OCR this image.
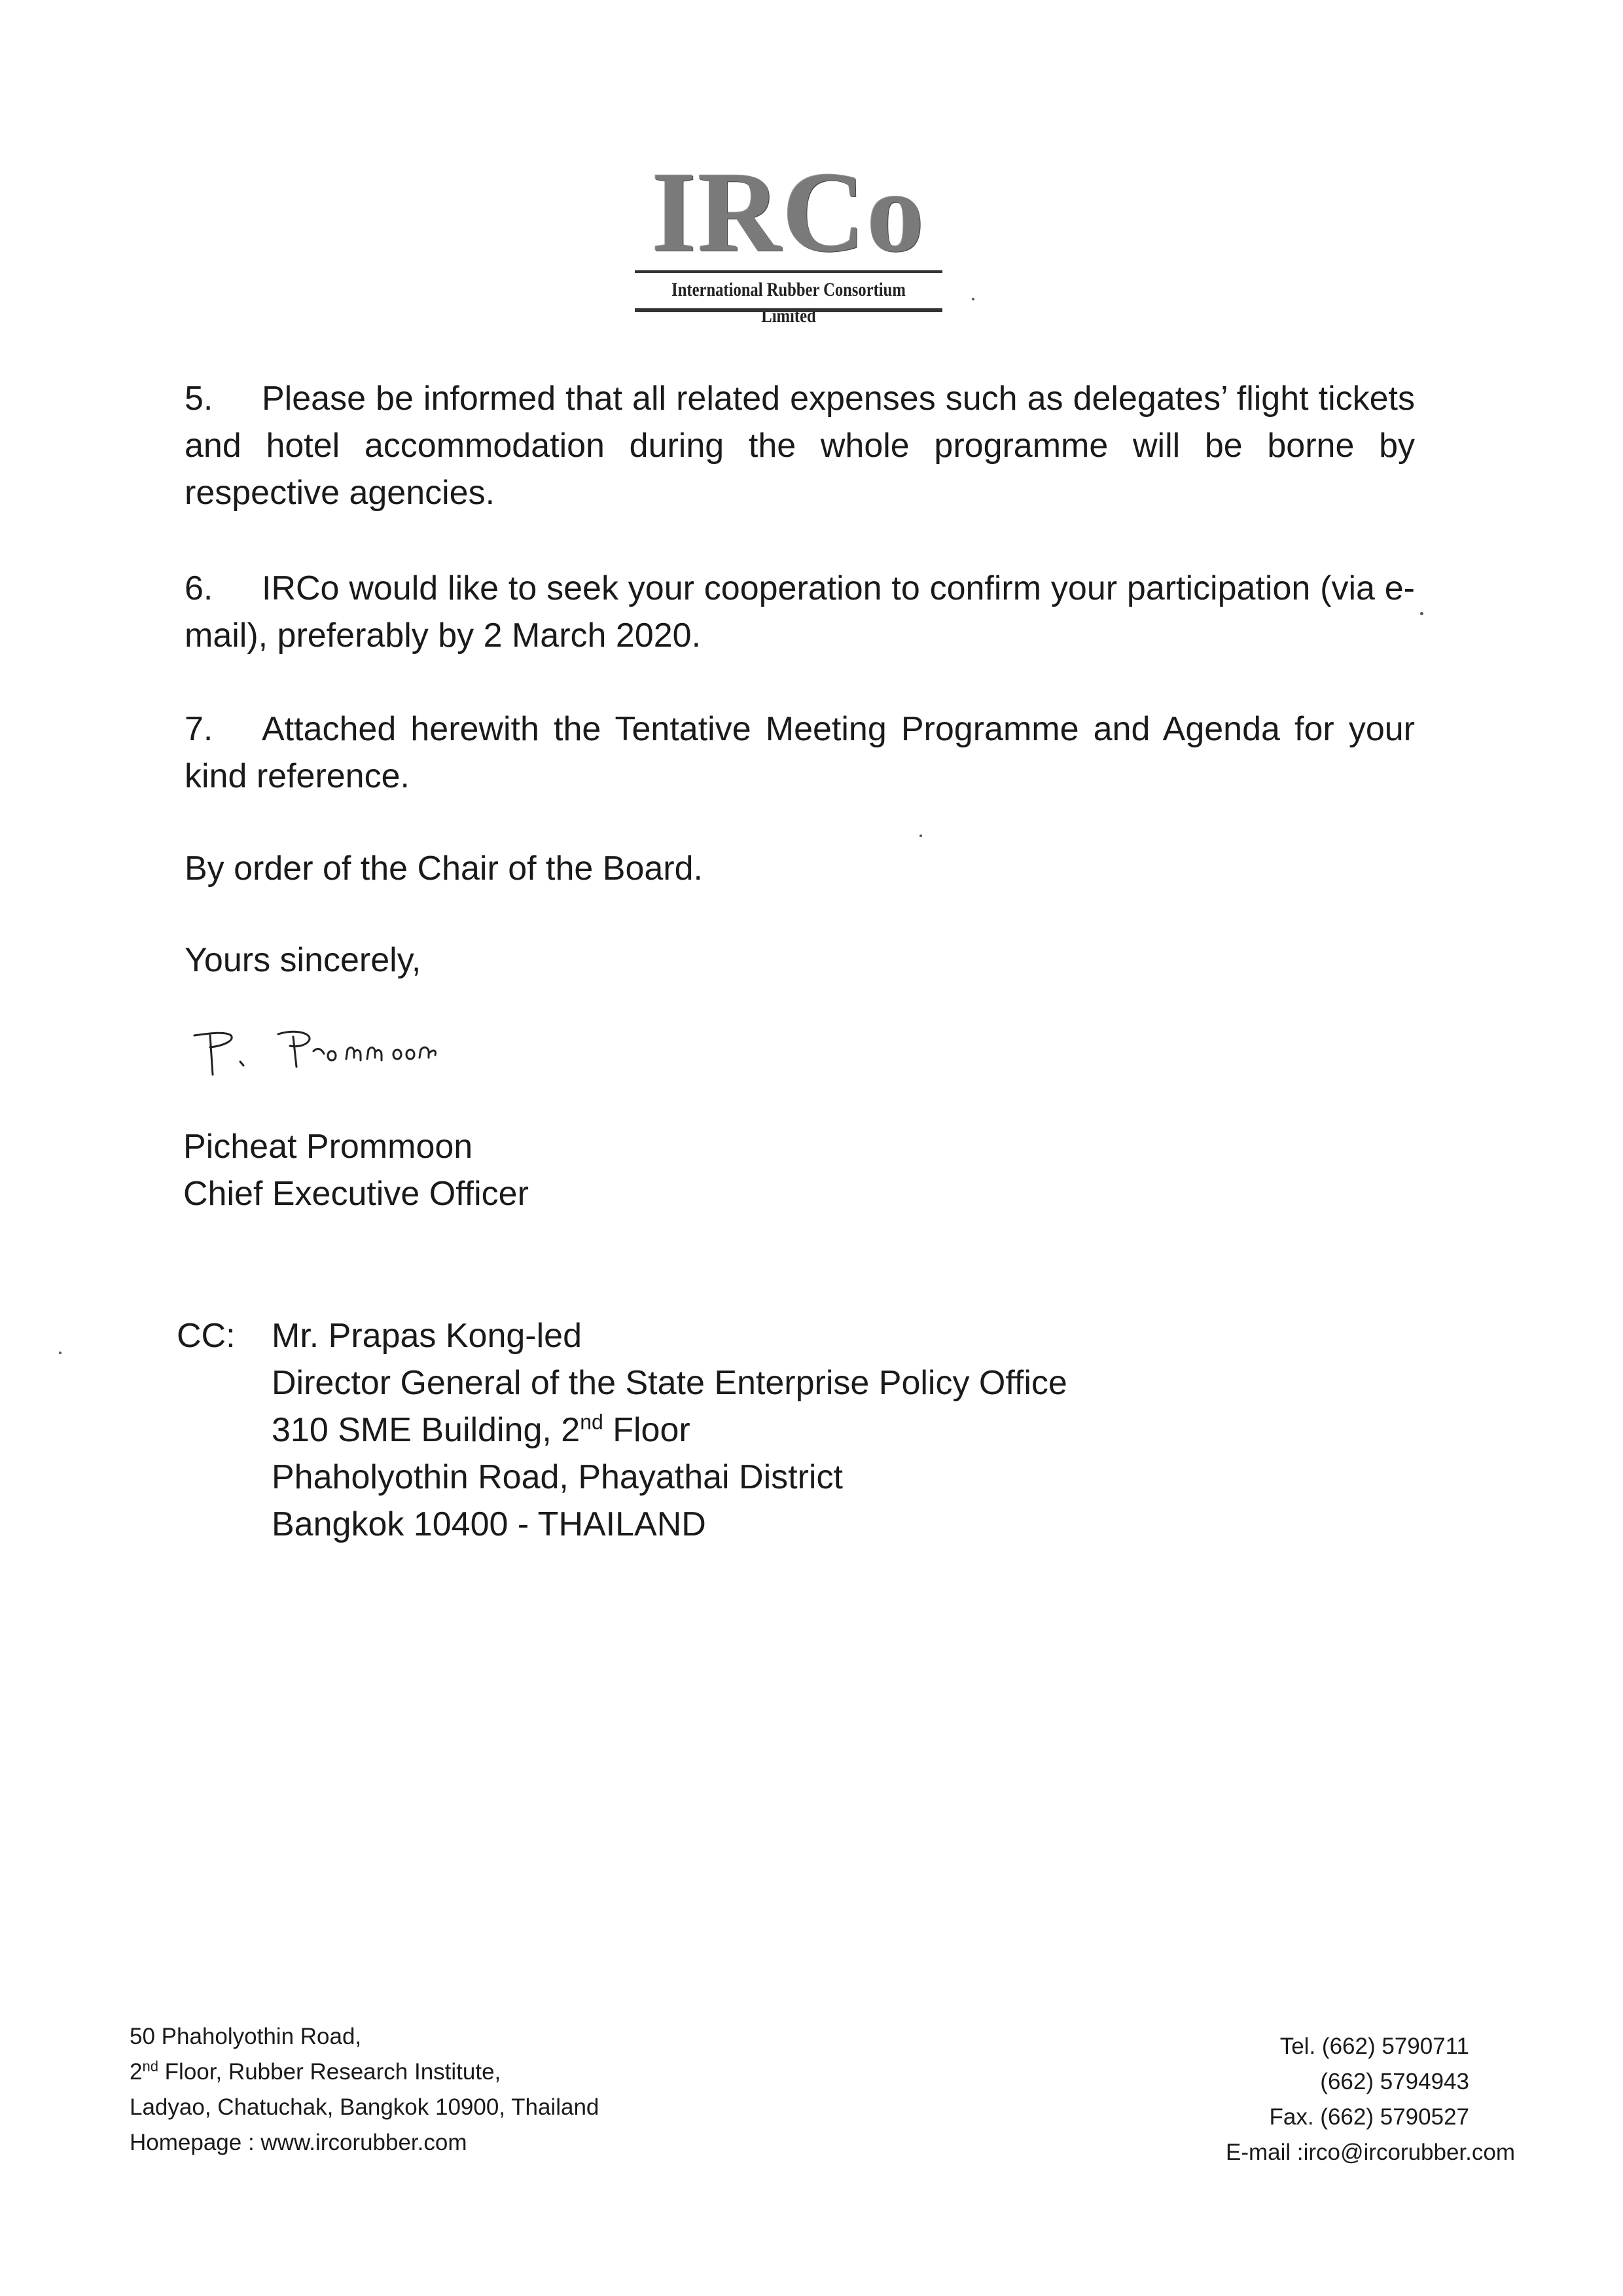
IRCo
International Rubber Consortium Limited

5. Please be informed that all related expenses such as delegates’ flight tickets and hotel accommodation during the whole programme will be borne by respective agencies.

6. IRCo would like to seek your cooperation to confirm your participation (via e-mail), preferably by 2 March 2020.

7. Attached herewith the Tentative Meeting Programme and Agenda for your kind reference.

By order of the Chair of the Board.
Yours sincerely,
Picheat Prommoon
Chief Executive Officer
CC: Mr. Prapas Kong-led
Director General of the State Enterprise Policy Office
310 SME Building, 2nd Floor
Phaholyothin Road, Phayathai District
Bangkok 10400 - THAILAND
50 Phaholyothin Road,
2nd Floor, Rubber Research Institute,
Ladyao, Chatuchak, Bangkok 10900, Thailand
Homepage : www.ircorubber.com
Tel. (662) 5790711
(662) 5794943
Fax. (662) 5790527
E-mail :irco@ircorubber.com
